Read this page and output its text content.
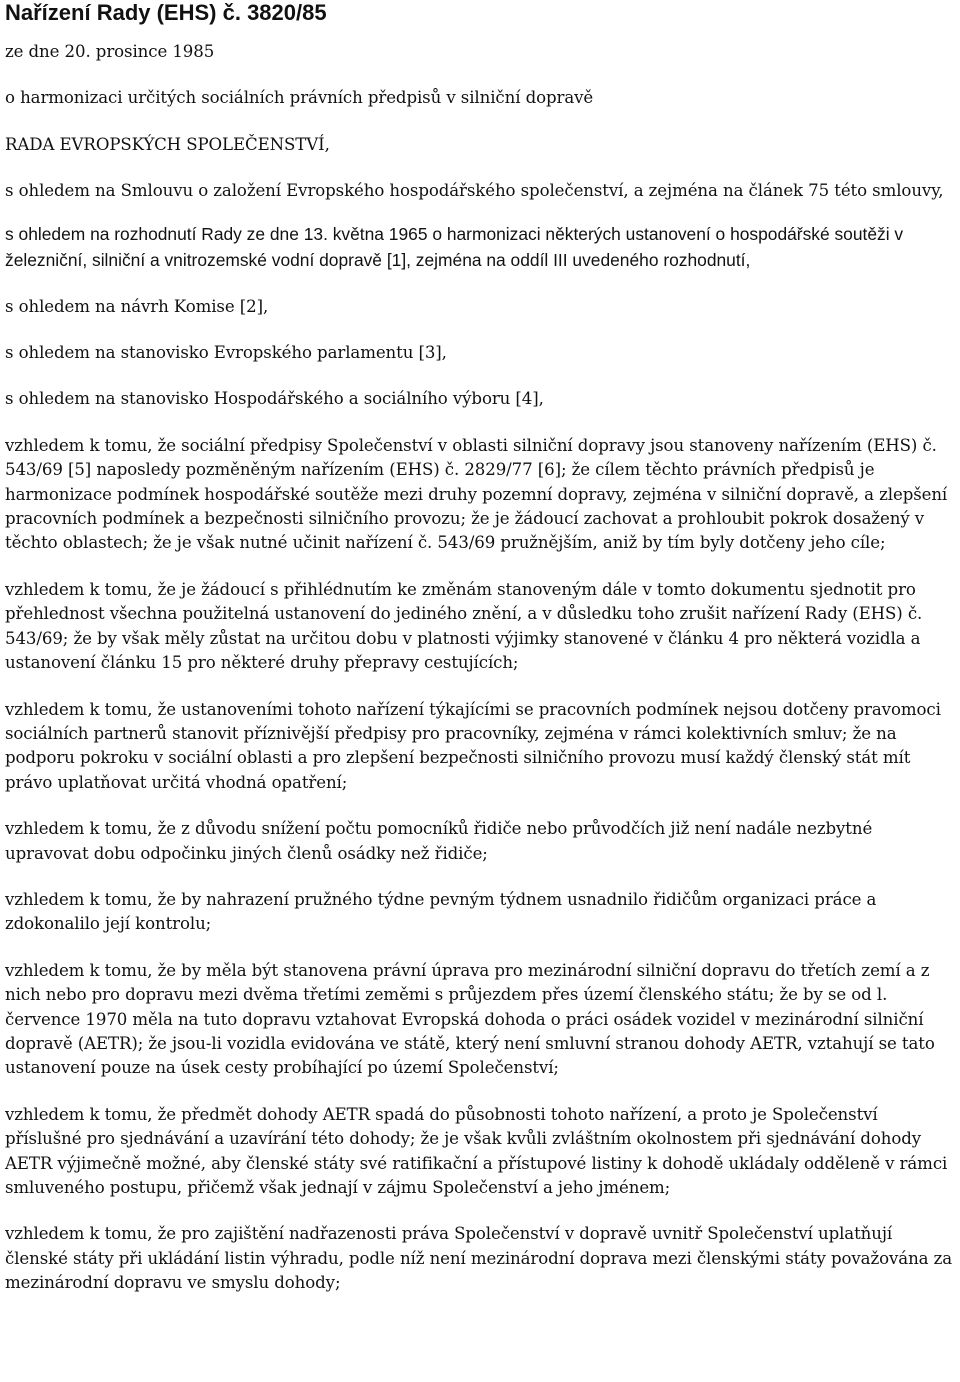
Nařízení Rady (EHS) č. 3820/85
ze dne 20. prosince 1985
o harmonizaci určitých sociálních právních předpisů v silniční dopravě
RADA EVROPSKÝCH SPOLEČENSTVÍ,
s ohledem na Smlouvu o založení Evropského hospodářského společenství, a zejména na článek 75 této smlouvy,
s ohledem na rozhodnutí Rady ze dne 13. května 1965 o harmonizaci některých ustanovení o hospodářské soutěži v železniční, silniční a vnitrozemské vodní dopravě [1], zejména na oddíl III uvedeného rozhodnutí,
s ohledem na návrh Komise [2],
s ohledem na stanovisko Evropského parlamentu [3],
s ohledem na stanovisko Hospodářského a sociálního výboru [4],
vzhledem k tomu, že sociální předpisy Společenství v oblasti silniční dopravy jsou stanoveny nařízením (EHS) č. 543/69 [5] naposledy pozměněným nařízením (EHS) č. 2829/77 [6]; že cílem těchto právních předpisů je harmonizace podmínek hospodářské soutěže mezi druhy pozemní dopravy, zejména v silniční dopravě, a zlepšení pracovních podmínek a bezpečnosti silničního provozu; že je žádoucí zachovat a prohloubit pokrok dosažený v těchto oblastech; že je však nutné učinit nařízení č. 543/69 pružnějším, aniž by tím byly dotčeny jeho cíle;
vzhledem k tomu, že je žádoucí s přihlédnutím ke změnám stanoveným dále v tomto dokumentu sjednotit pro přehlednost všechna použitelná ustanovení do jediného znění, a v důsledku toho zrušit nařízení Rady (EHS) č. 543/69; že by však měly zůstat na určitou dobu v platnosti výjimky stanovené v článku 4 pro některá vozidla a ustanovení článku 15 pro některé druhy přepravy cestujících;
vzhledem k tomu, že ustanoveními tohoto nařízení týkajícími se pracovních podmínek nejsou dotčeny pravomoci sociálních partnerů stanovit příznivější předpisy pro pracovníky, zejména v rámci kolektivních smluv; že na podporu pokroku v sociální oblasti a pro zlepšení bezpečnosti silničního provozu musí každý členský stát mít právo uplatňovat určitá vhodná opatření;
vzhledem k tomu, že z důvodu snížení počtu pomocníků řidiče nebo průvodčích již není nadále nezbytné upravovat dobu odpočinku jiných členů osádky než řidiče;
vzhledem k tomu, že by nahrazení pružného týdne pevným týdnem usnadnilo řidičům organizaci práce a zdokonalilo její kontrolu;
vzhledem k tomu, že by měla být stanovena právní úprava pro mezinárodní silniční dopravu do třetích zemí a z nich nebo pro dopravu mezi dvěma třetími zeměmi s průjezdem přes území členského státu; že by se od l. července 1970 měla na tuto dopravu vztahovat Evropská dohoda o práci osádek vozidel v mezinárodní silniční dopravě (AETR); že jsou-li vozidla evidována ve státě, který není smluvní stranou dohody AETR, vztahují se tato ustanovení pouze na úsek cesty probíhající po území Společenství;
vzhledem k tomu, že předmět dohody AETR spadá do působnosti tohoto nařízení, a proto je Společenství příslušné pro sjednávání a uzavírání této dohody; že je však kvůli zvláštním okolnostem při sjednávání dohody AETR výjimečně možné, aby členské státy své ratifikační a přístupové listiny k dohodě ukládaly odděleně v rámci smluveného postupu, přičemž však jednají v zájmu Společenství a jeho jménem;
vzhledem k tomu, že pro zajištění nadřazenosti práva Společenství v dopravě uvnitř Společenství uplatňují členské státy při ukládání listin výhradu, podle níž není mezinárodní doprava mezi členskými státy považována za mezinárodní dopravu ve smyslu dohody;
